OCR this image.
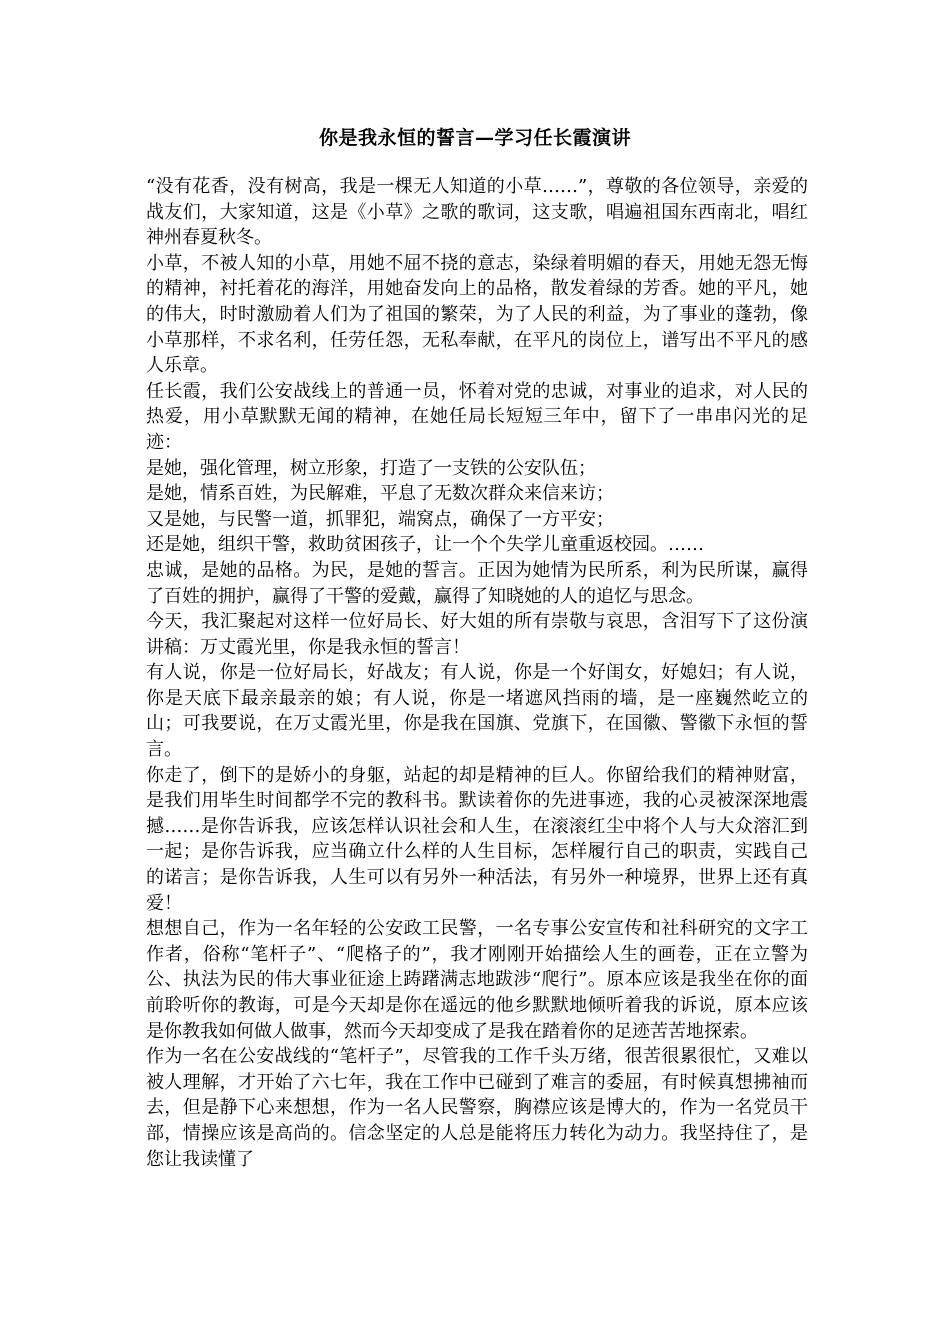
你是我永恒的誓言—学习任长霞演讲

“没有花香，没有树高，我是一棵无人知道的小草……”，尊敬的各位领导，亲爱的战友们，大家知道，这是《小草》之歌的歌词，这支歌，唱遍祖国东西南北，唱红神州春夏秋冬。

小草，不被人知的小草，用她不屈不挠的意志，染绿着明媚的春天，用她无怨无悔的精神，衬托着花的海洋，用她奋发向上的品格，散发着绿的芳香。她的平凡，她的伟大，时时激励着人们为了祖国的繁荣，为了人民的利益，为了事业的蓬勃，像小草那样，不求名利，任劳任怨，无私奉献，在平凡的岗位上，谱写出不平凡的感人乐章。

任长霞，我们公安战线上的普通一员，怀着对党的忠诚，对事业的追求，对人民的热爱，用小草默默无闻的精神，在她任局长短短三年中，留下了一串串闪光的足迹：

是她，强化管理，树立形象，打造了一支铁的公安队伍；

是她，情系百姓，为民解难，平息了无数次群众来信来访；

又是她，与民警一道，抓罪犯，端窝点，确保了一方平安；

还是她，组织干警，救助贫困孩子，让一个个失学儿童重返校园。……

忠诚，是她的品格。为民，是她的誓言。正因为她情为民所系，利为民所谋，赢得了百姓的拥护，赢得了干警的爱戴，赢得了知晓她的人的追忆与思念。

今天，我汇聚起对这样一位好局长、好大姐的所有崇敬与哀思，含泪写下了这份演讲稿：万丈霞光里，你是我永恒的誓言！

有人说，你是一位好局长，好战友；有人说，你是一个好闺女，好媳妇；有人说，你是天底下最亲最亲的娘；有人说，你是一堵遮风挡雨的墙，是一座巍然屹立的山；可我要说，在万丈霞光里，你是我在国旗、党旗下，在国徽、警徽下永恒的誓言。

你走了，倒下的是娇小的身躯，站起的却是精神的巨人。你留给我们的精神财富，是我们用毕生时间都学不完的教科书。默读着你的先进事迹，我的心灵被深深地震撼……是你告诉我，应该怎样认识社会和人生，在滚滚红尘中将个人与大众溶汇到一起；是你告诉我，应当确立什么样的人生目标，怎样履行自己的职责，实践自己的诺言；是你告诉我，人生可以有另外一种活法，有另外一种境界，世界上还有真爱！

想想自己，作为一名年轻的公安政工民警，一名专事公安宣传和社科研究的文字工作者，俗称“笔杆子”、“爬格子的”，我才刚刚开始描绘人生的画卷，正在立警为公、执法为民的伟大事业征途上踌躇满志地跋涉“爬行”。原本应该是我坐在你的面前聆听你的教诲，可是今天却是你在遥远的他乡默默地倾听着我的诉说，原本应该是你教我如何做人做事，然而今天却变成了是我在踏着你的足迹苦苦地探索。

作为一名在公安战线的“笔杆子”，尽管我的工作千头万绪，很苦很累很忙，又难以被人理解，才开始了六七年，我在工作中已碰到了难言的委屈，有时候真想拂袖而去，但是静下心来想想，作为一名人民警察，胸襟应该是博大的，作为一名党员干部，情操应该是高尚的。信念坚定的人总是能将压力转化为动力。我坚持住了，是您让我读懂了
